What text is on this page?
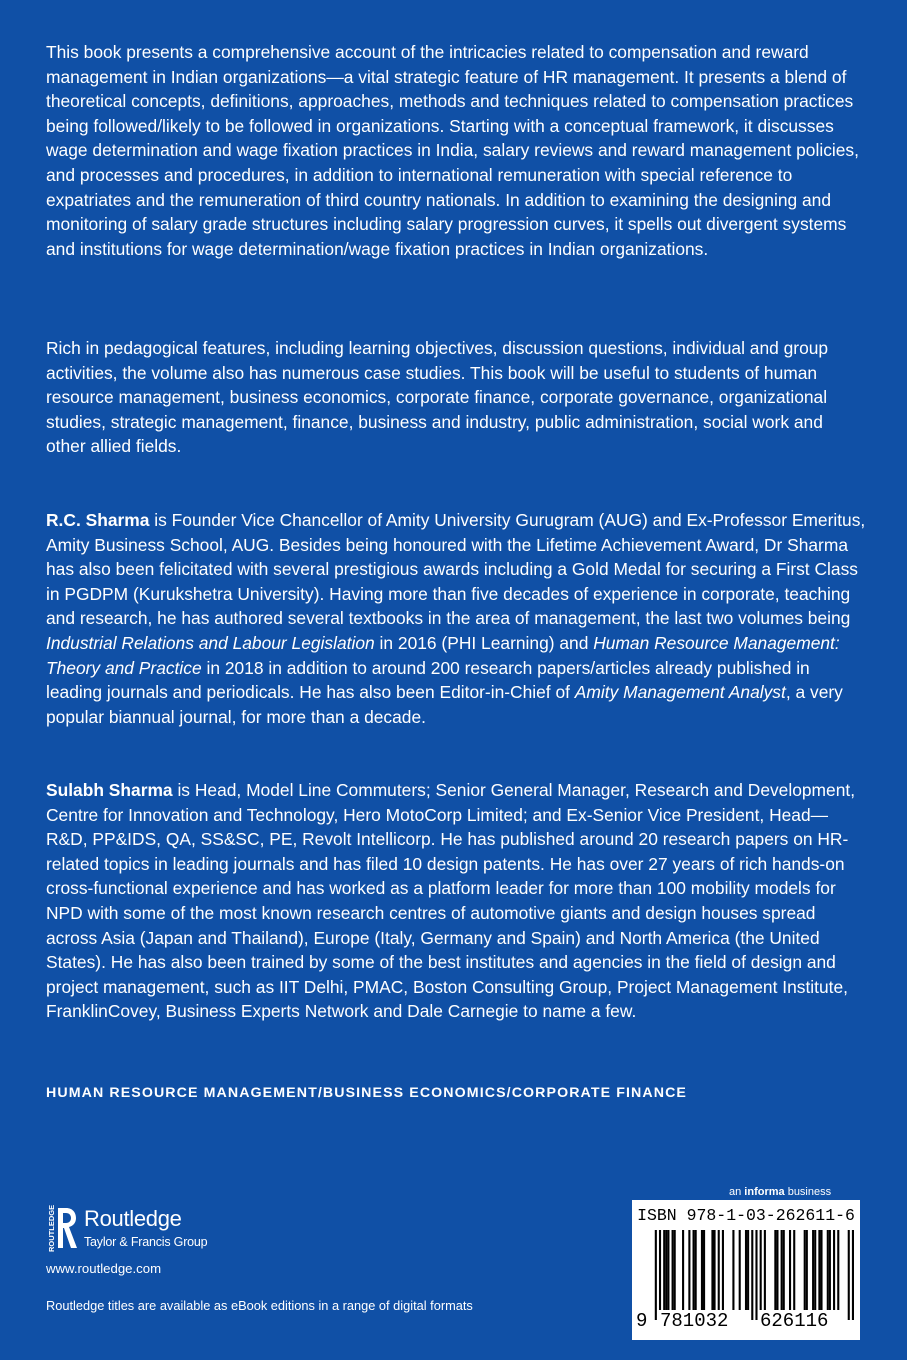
This book presents a comprehensive account of the intricacies related to compensation and reward management in Indian organizations—a vital strategic feature of HR management. It presents a blend of theoretical concepts, definitions, approaches, methods and techniques related to compensation practices being followed/likely to be followed in organizations. Starting with a conceptual framework, it discusses wage determination and wage fixation practices in India, salary reviews and reward management policies, and processes and procedures, in addition to international remuneration with special reference to expatriates and the remuneration of third country nationals. In addition to examining the designing and monitoring of salary grade structures including salary progression curves, it spells out divergent systems and institutions for wage determination/wage fixation practices in Indian organizations.

Rich in pedagogical features, including learning objectives, discussion questions, individual and group activities, the volume also has numerous case studies. This book will be useful to students of human resource management, business economics, corporate finance, corporate governance, organizational studies, strategic management, finance, business and industry, public administration, social work and other allied fields.

R.C. Sharma is Founder Vice Chancellor of Amity University Gurugram (AUG) and Ex-Professor Emeritus, Amity Business School, AUG. Besides being honoured with the Lifetime Achievement Award, Dr Sharma has also been felicitated with several prestigious awards including a Gold Medal for securing a First Class in PGDPM (Kurukshetra University). Having more than five decades of experience in corporate, teaching and research, he has authored several textbooks in the area of management, the last two volumes being Industrial Relations and Labour Legislation in 2016 (PHI Learning) and Human Resource Management: Theory and Practice in 2018 in addition to around 200 research papers/articles already published in leading journals and periodicals. He has also been Editor-in-Chief of Amity Management Analyst, a very popular biannual journal, for more than a decade.

Sulabh Sharma is Head, Model Line Commuters; Senior General Manager, Research and Development, Centre for Innovation and Technology, Hero MotoCorp Limited; and Ex-Senior Vice President, Head—R&D, PP&IDS, QA, SS&SC, PE, Revolt Intellicorp. He has published around 20 research papers on HR-related topics in leading journals and has filed 10 design patents. He has over 27 years of rich hands-on cross-functional experience and has worked as a platform leader for more than 100 mobility models for NPD with some of the most known research centres of automotive giants and design houses spread across Asia (Japan and Thailand), Europe (Italy, Germany and Spain) and North America (the United States). He has also been trained by some of the best institutes and agencies in the field of design and project management, such as IIT Delhi, PMAC, Boston Consulting Group, Project Management Institute, FranklinCovey, Business Experts Network and Dale Carnegie to name a few.

HUMAN RESOURCE MANAGEMENT/BUSINESS ECONOMICS/CORPORATE FINANCE
ROUTLEDGE Routledge
Taylor & Francis Group
www.routledge.com
Routledge titles are available as eBook editions in a range of digital formats
an informa business
ISBN 978-1-03-262611-6
9 781032 626116
